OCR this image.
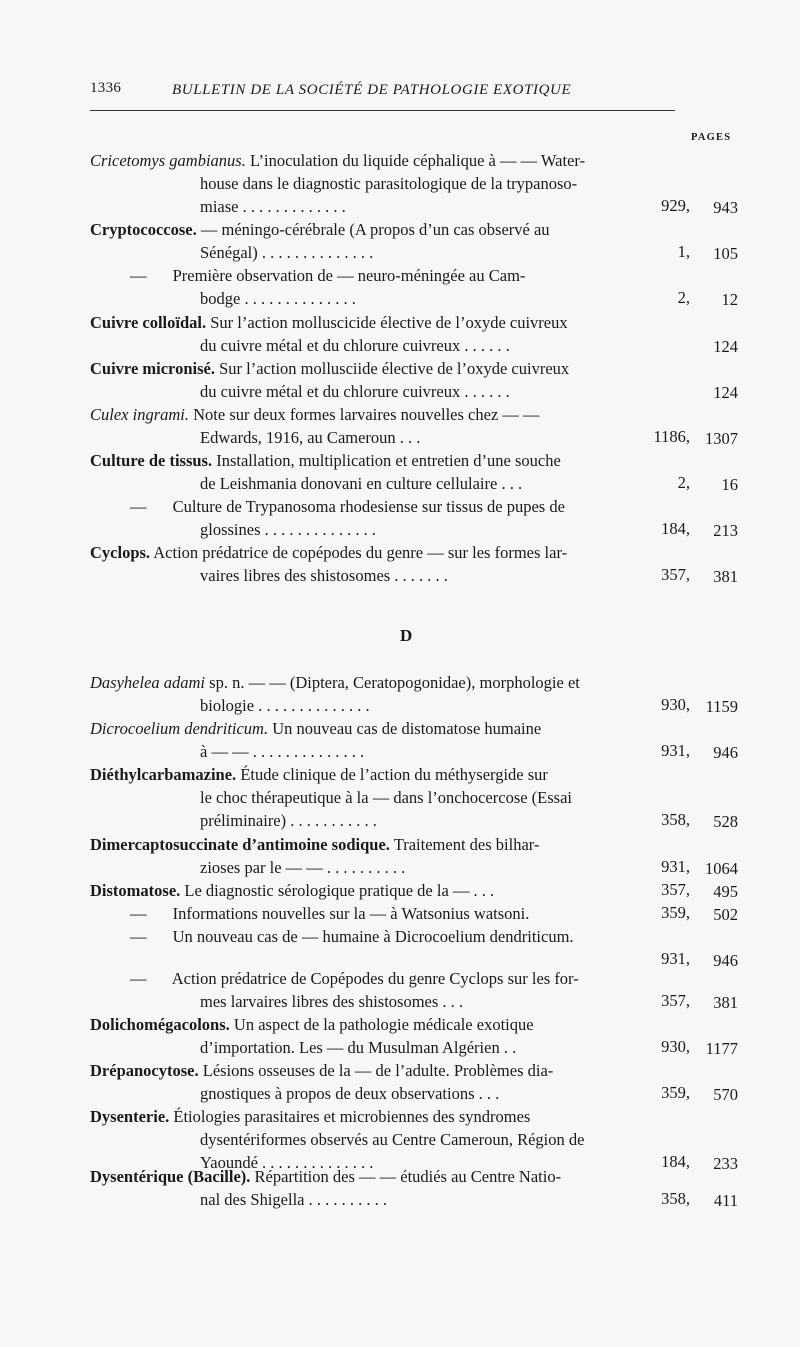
1336	BULLETIN DE LA SOCIÉTÉ DE PATHOLOGIE EXOTIQUE
PAGES
D
Cricetomys gambianus. L’inoculation du liquide céphalique à — — Water-
house dans le diagnostic parasitologique de la trypanoso-
miase . . . . . . . . . . . . .	929, 943
Cryptococcose. — méningo-cérébrale (A propos d’un cas observé au
Sénégal) . . . . . . . . . . . . . .	1, 105
— Première observation de — neuro-méningée au Cam-
bodge . . . . . . . . . . . . . .	2, 12
Cuivre colloïdal. Sur l’action molluscicide élective de l’oxyde cuivreux
du cuivre métal et du chlorure cuivreux . . . . . .	124
Cuivre micronisé. Sur l’action mollusciide élective de l’oxyde cuivreux
du cuivre métal et du chlorure cuivreux . . . . . .	124
Culex ingrami. Note sur deux formes larvaires nouvelles chez — —
Edwards, 1916, au Cameroun . . .	1186, 1307
Culture de tissus. Installation, multiplication et entretien d’une souche
de Leishmania donovani en culture cellulaire . . .	2, 16
— Culture de Trypanosoma rhodesiense sur tissus de pupes de
glossines . . . . . . . . . . . . . .	184, 213
Cyclops. Action prédatrice de copépodes du genre — sur les formes lar-
vaires libres des shistosomes . . . . . . .	357, 381
Dasyhelea adami sp. n. — — (Diptera, Ceratopogonidae), morphologie et
biologie . . . . . . . . . . . . . .	930, 1159
Dicrocoelium dendriticum. Un nouveau cas de distomatose humaine
à — — . . . . . . . . . . . . . .	931, 946
Diéthylcarbamazine. Étude clinique de l’action du méthysergide sur
le choc thérapeutique à la — dans l’onchocercose (Essai
préliminaire) . . . . . . . . . . .	358, 528
Dimercaptosuccinate d’antimoine sodique. Traitement des bilhar-
zioses par le — — . . . . . . . . . .	931, 1064
Distomatose. Le diagnostic sérologique pratique de la — . . .	357, 495
— Informations nouvelles sur la — à Watsonius watsoni.	359, 502
— Un nouveau cas de — humaine à Dicrocoelium dendriticum.
931, 946
— Action prédatrice de Copépodes du genre Cyclops sur les for-
mes larvaires libres des shistosomes . . .	357, 381
Dolichomégacolons. Un aspect de la pathologie médicale exotique
d’importation. Les — du Musulman Algérien . .	930, 1177
Drépanocytose. Lésions osseuses de la — de l’adulte. Problèmes dia-
gnostiques à propos de deux observations . . .	359, 570
Dysenterie. Étiologies parasitaires et microbiennes des syndromes
dysentériformes observés au Centre Cameroun, Région de
Yaoundé . . . . . . . . . . . . . .	184, 233
Dysentérique (Bacille). Répartition des — — étudiés au Centre Natio-
nal des Shigella . . . . . . . . . .	358, 411
